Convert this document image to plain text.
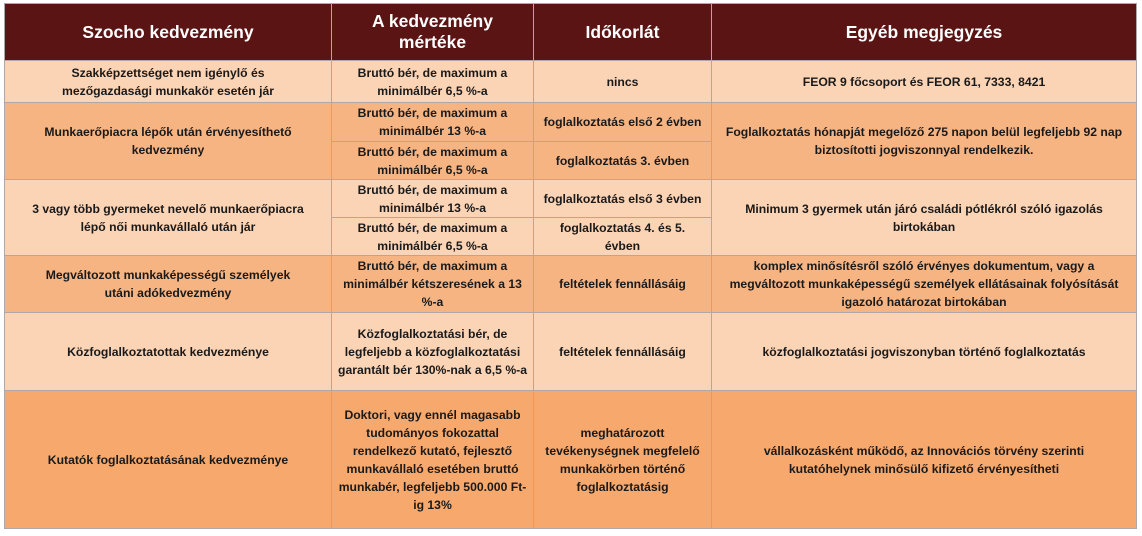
Szocho kedvezmény	A kedvezmény mértéke	Időkorlát	Egyéb megjegyzés
Szakképzettséget nem igénylő és mezőgazdasági munkakör esetén jár	Bruttó bér, de maximum a minimálbér 6,5 %-a	nincs	FEOR 9 főcsoport és FEOR 61, 7333, 8421
Munkaerőpiacra lépők után érvényesíthető kedvezmény	Bruttó bér, de maximum a minimálbér 13 %-a	foglalkoztatás első 2 évben	Foglalkoztatás hónapját megelőző 275 napon belül legfeljebb 92 nap biztosítotti jogviszonnyal rendelkezik.
	Bruttó bér, de maximum a minimálbér 6,5 %-a	foglalkoztatás 3. évben	
3 vagy több gyermeket nevelő munkaerőpiacra lépő női munkavállaló után jár	Bruttó bér, de maximum a minimálbér 13 %-a	foglalkoztatás első 3 évben	Minimum 3 gyermek után járó családi pótlékról szóló igazolás birtokában
	Bruttó bér, de maximum a minimálbér 6,5 %-a	foglalkoztatás 4. és 5. évben	
Megváltozott munkaképességű személyek utáni adókedvezmény	Bruttó bér, de maximum a minimálbér kétszeresének a 13 %-a	feltételek fennállásáig	komplex minősítésről szóló érvényes dokumentum, vagy a megváltozott munkaképességű személyek ellátásainak folyósítását igazoló határozat birtokában
Közfoglalkoztatottak kedvezménye	Közfoglalkoztatási bér, de legfeljebb a közfoglalkoztatási garantált bér 130%-nak a 6,5 %-a	feltételek fennállásáig	közfoglalkoztatási jogviszonyban történő foglalkoztatás
Kutatók foglalkoztatásának kedvezménye	Doktori, vagy ennél magasabb tudományos fokozattal rendelkező kutató, fejlesztő munkavállaló esetében bruttó munkabér, legfeljebb 500.000 Ft-ig 13%	meghatározott tevékenységnek megfelelő munkakörben történő foglalkoztatásig	vállalkozásként működő, az Innovációs törvény szerinti kutatóhelynek minősülő kifizető érvényesítheti
